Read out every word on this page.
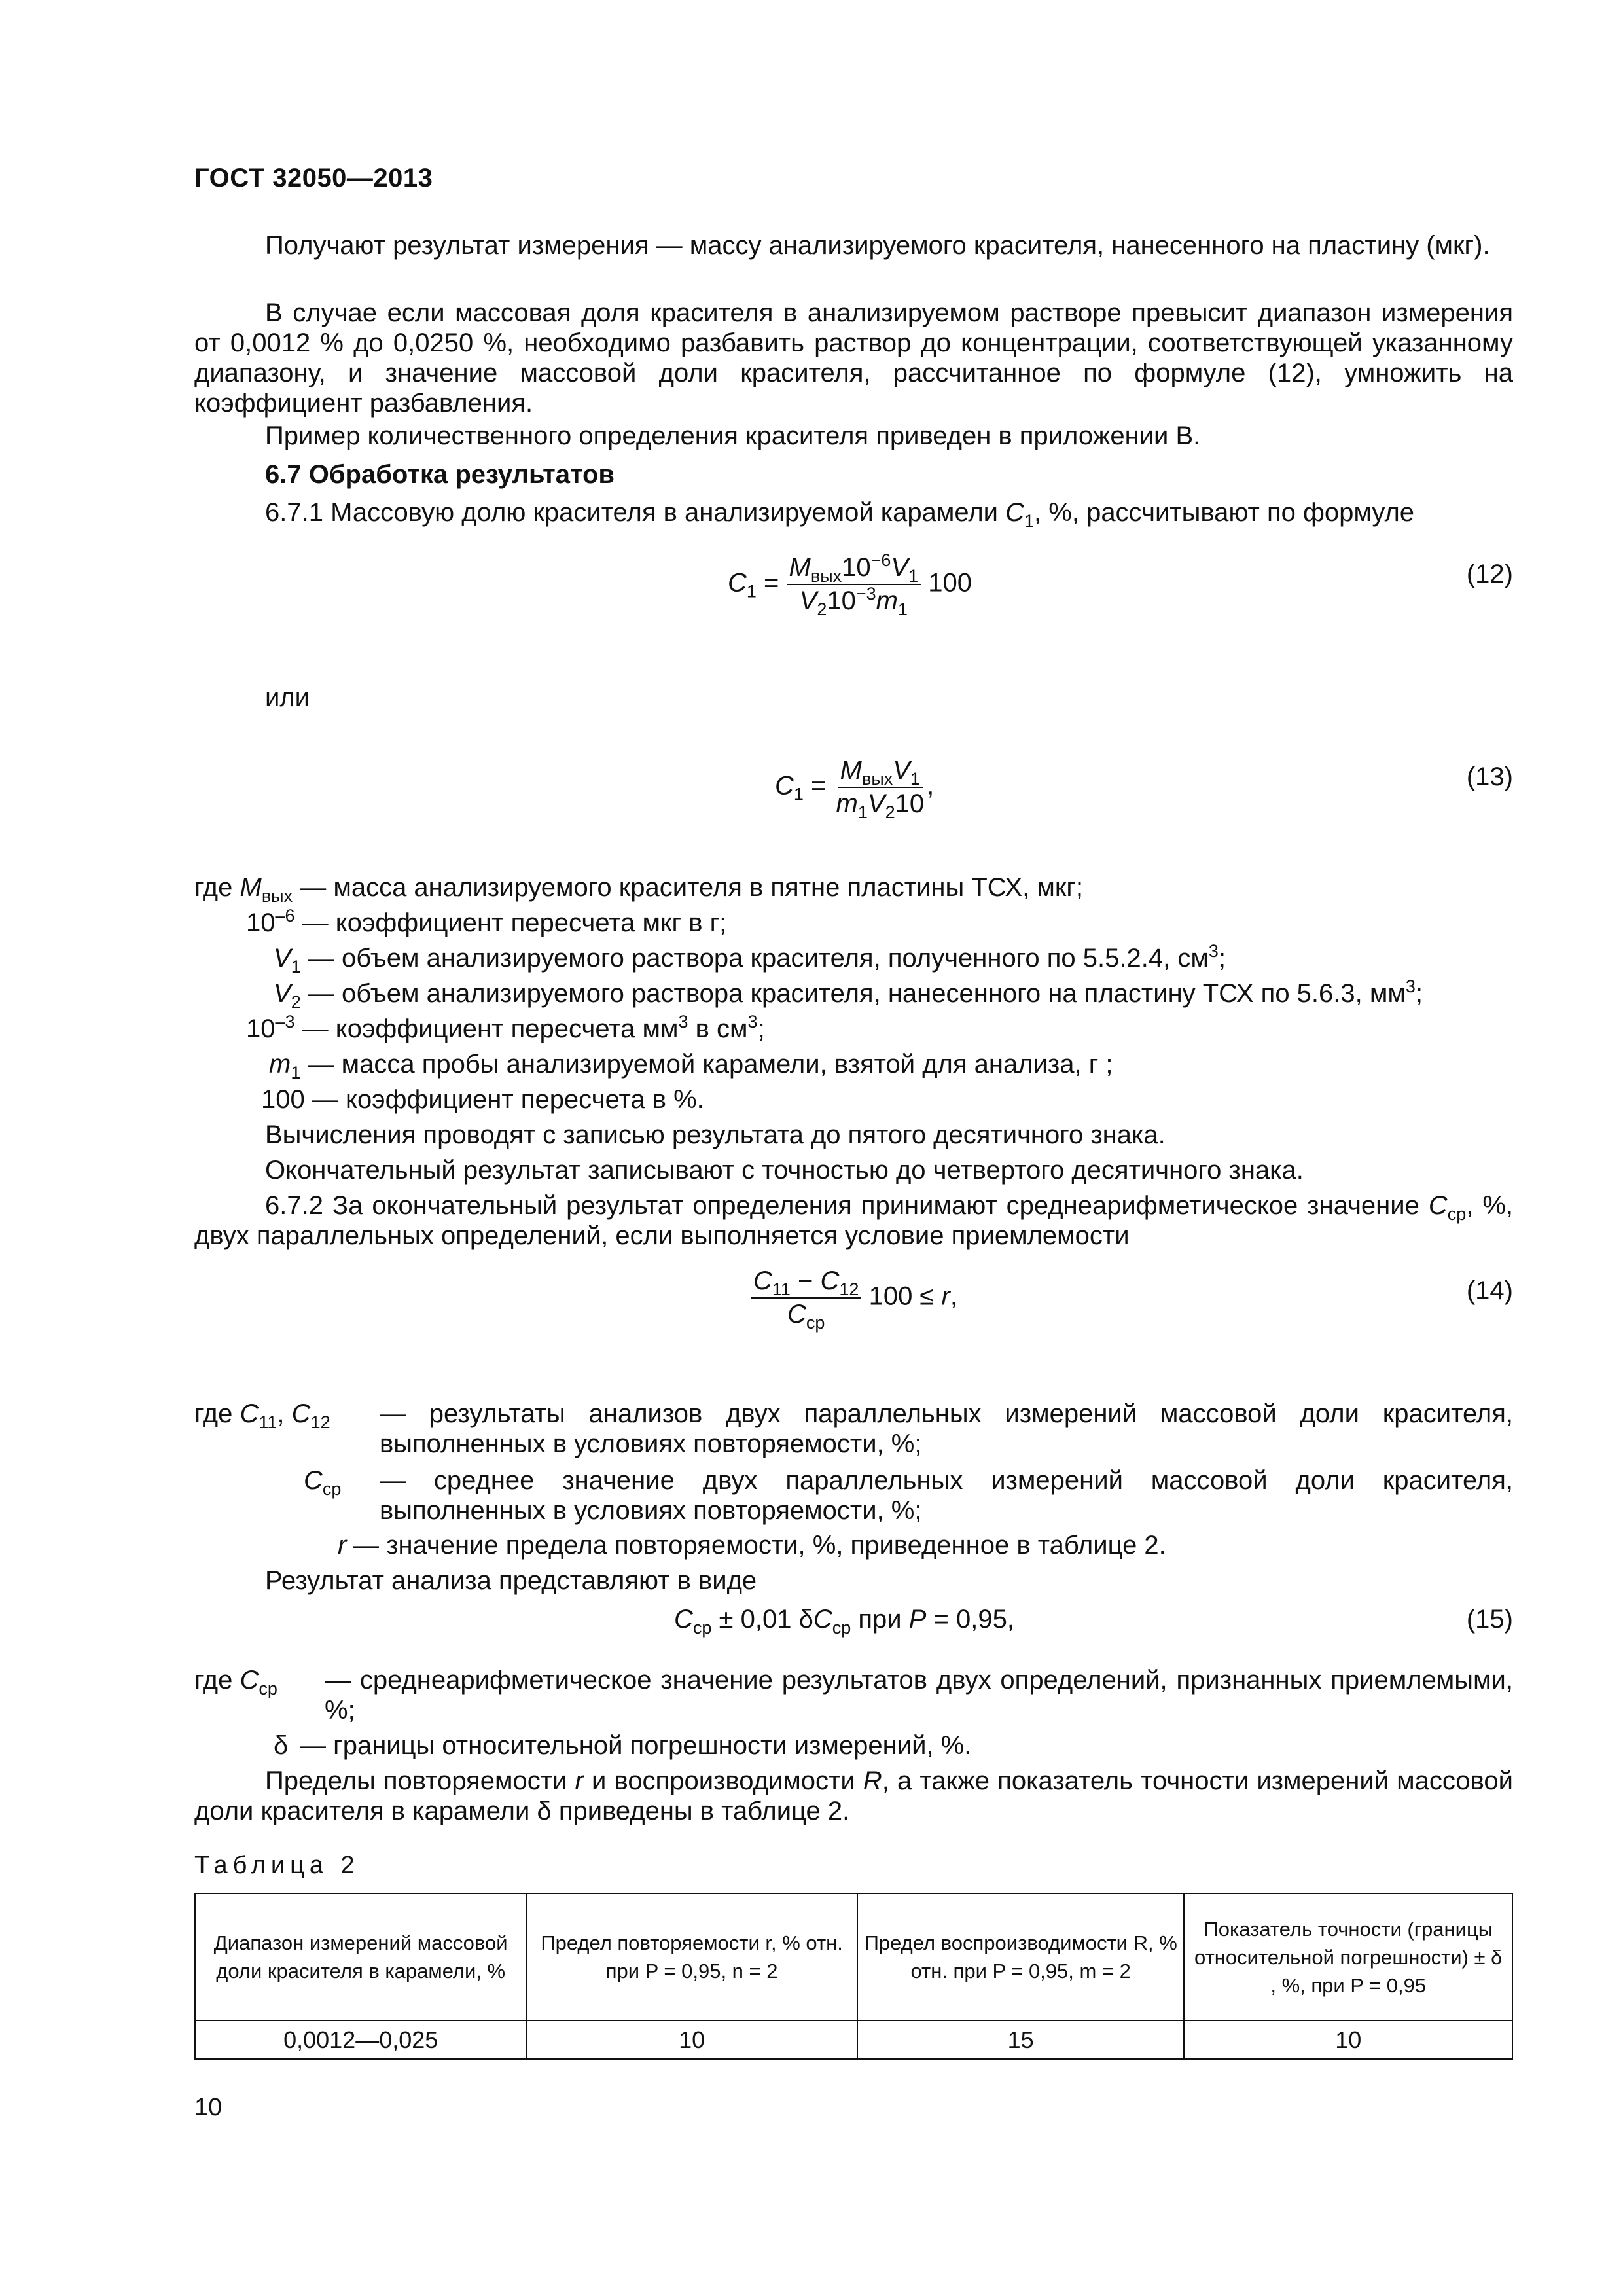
ГОСТ 32050—2013
Получают результат измерения — массу анализируемого красителя, нанесенного на пластину (мкг).
В случае если массовая доля красителя в анализируемом растворе превысит диапазон измерения от 0,0012 % до 0,0250 %, необходимо разбавить раствор до концентрации, соответствующей указанному диапазону, и значение массовой доли красителя, рассчитанное по формуле (12), умножить на коэффициент разбавления.
Пример количественного определения красителя приведен в приложении В.
6.7 Обработка результатов
6.7.1 Массовую долю красителя в анализируемой карамели $C_1$, %, рассчитывают по формуле
$C_1 = \frac{M_{вых}10^{-6}V_1}{V_210^{-3}m_1} 100$	(12)
или
$C_1 = \frac{M_{вых}V_1}{m_1V_210}$ ,	(13)
где $M_{вых}$ — масса анализируемого красителя в пятне пластины ТСХ, мкг;
$10^{-6}$ — коэффициент пересчета мкг в г;
$V_1$ — объем анализируемого раствора красителя, полученного по 5.5.2.4, $см^3$;
$V_2$ — объем анализируемого раствора красителя, нанесенного на пластину ТСХ по 5.6.3, $мм^3$;
$10^{-3}$ — коэффициент пересчета $мм^3$ в $см^3$;
$m_1$ — масса пробы анализируемой карамели, взятой для анализа, г ;
100 — коэффициент пересчета в %.
Вычисления проводят с записью результата до пятого десятичного знака.
Окончательный результат записывают с точностью до четвертого десятичного знака.
6.7.2 За окончательный результат определения принимают среднеарифметическое значение $C_{ср}$, %, двух параллельных определений, если выполняется условие приемлемости
$\frac{C_{11} - C_{12}}{C_{ср}} 100 \le r$,	(14)
где $C_{11}$, $C_{12}$ — результаты анализов двух параллельных измерений массовой доли красителя, выполненных в условиях повторяемости, %;
$C_{ср}$ — среднее значение двух параллельных измерений массовой доли красителя, выполненных в условиях повторяемости, %;
r — значение предела повторяемости, %, приведенное в таблице 2.
Результат анализа представляют в виде
$C_{ср} \pm 0,01$ $\delta C_{ср}$ при P = 0,95,	(15)
где $C_{ср}$ — среднеарифметическое значение результатов двух определений, признанных приемлемыми, %;
δ — границы относительной погрешности измерений, %.
Пределы повторяемости r и воспроизводимости R, а также показатель точности измерений массовой доли красителя в карамели δ приведены в таблице 2.
Таблица 2
Диапазон измерений массовой доли красителя в карамели, %	Предел повторяемости r, % отн. при P = 0,95, n = 2	Предел воспроизводимости R, % отн. при P = 0,95, m = 2	Показатель точности (границы относительной погрешности) ± δ , %, при P = 0,95
0,0012—0,025	10	15	10
10
